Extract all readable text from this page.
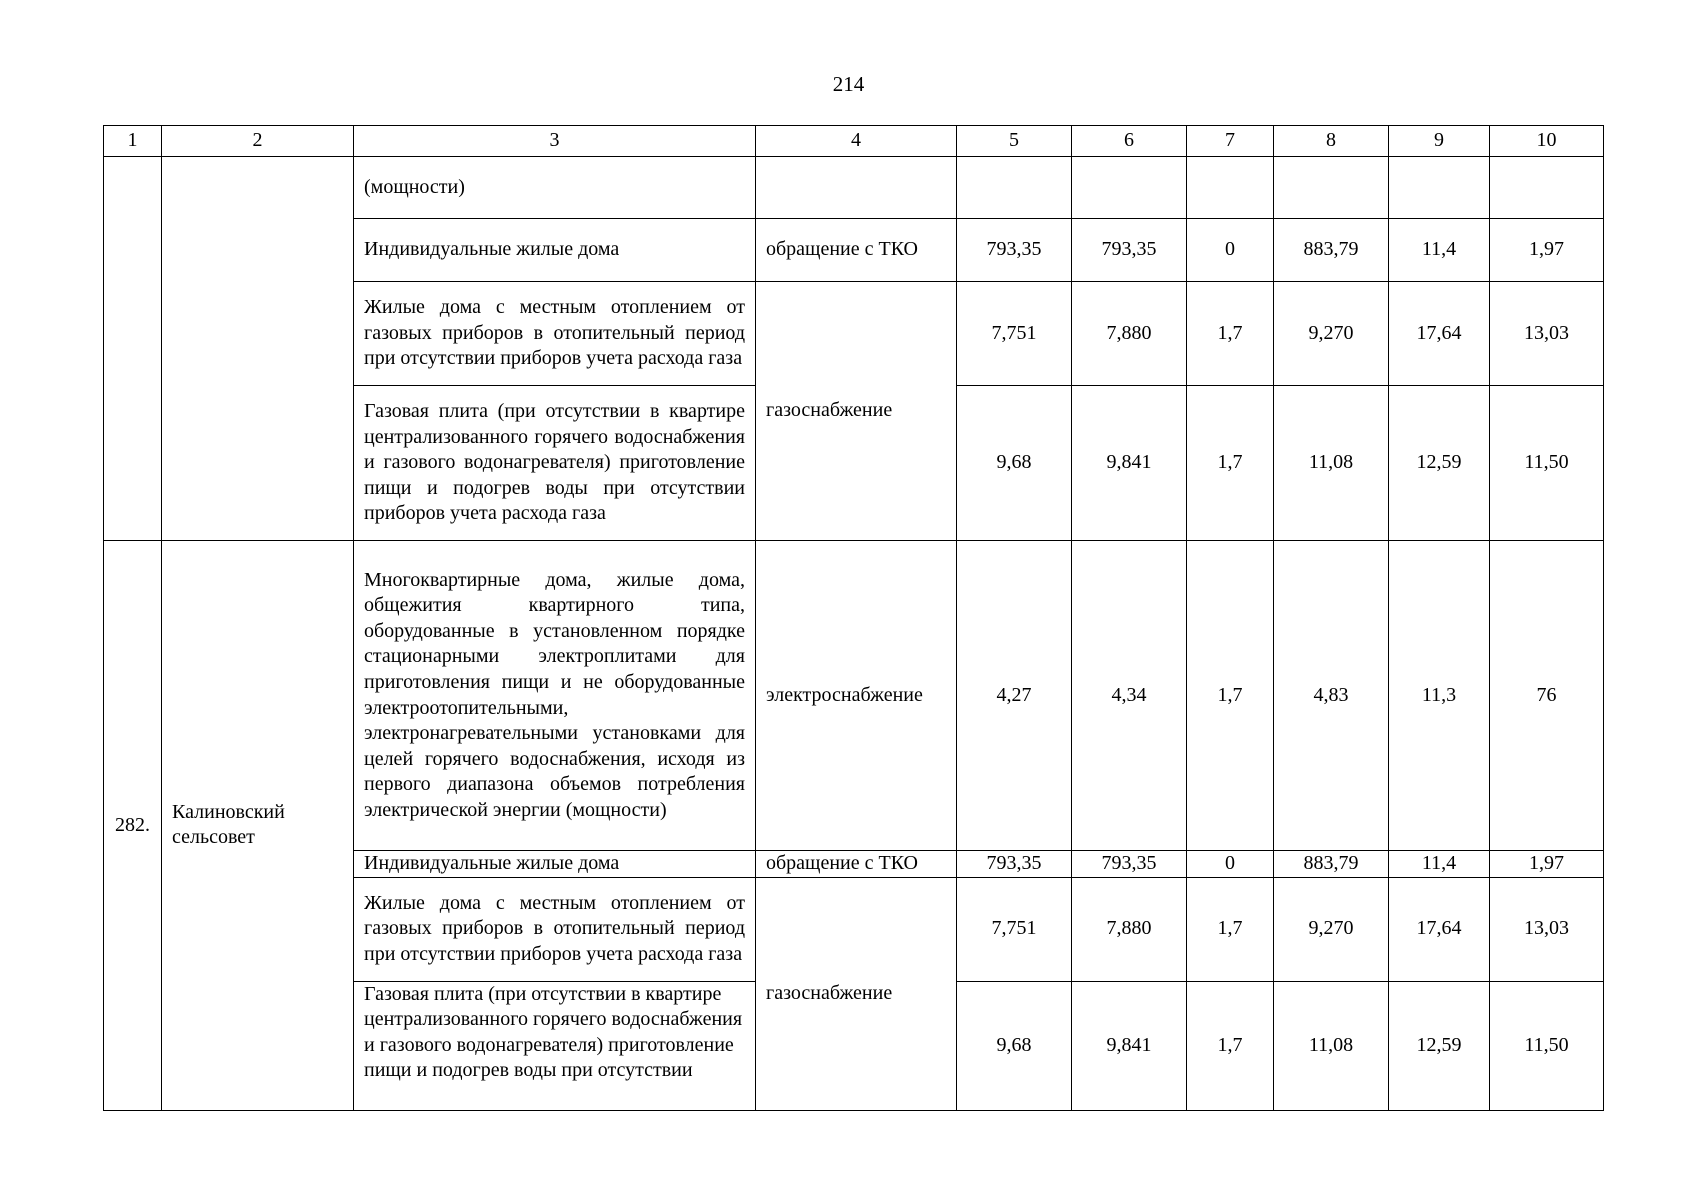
214
1	2	3	4	5	6	7	8	9	10
		(мощности)							
		Индивидуальные жилые дома	обращение с ТКО	793,35	793,35	0	883,79	11,4	1,97
		Жилые дома с местным отоплением от газовых приборов в отопительный период при отсутствии приборов учета расхода газа	газоснабжение	7,751	7,880	1,7	9,270	17,64	13,03
		Газовая плита (при отсутствии в квартире централизованного горячего водоснабжения и газового водонагревателя) приготовление пищи и подогрев воды при отсутствии приборов учета расхода газа		9,68	9,841	1,7	11,08	12,59	11,50
282.	Калиновский сельсовет	Многоквартирные дома, жилые дома, общежития квартирного типа, оборудованные в установленном порядке стационарными электроплитами для приготовления пищи и не оборудованные электроотопительными, электронагревательными установками для целей горячего водоснабжения, исходя из первого диапазона объемов потребления электрической энергии (мощности)	электроснабжение	4,27	4,34	1,7	4,83	11,3	76
		Индивидуальные жилые дома	обращение с ТКО	793,35	793,35	0	883,79	11,4	1,97
		Жилые дома с местным отоплением от газовых приборов в отопительный период при отсутствии приборов учета расхода газа	газоснабжение	7,751	7,880	1,7	9,270	17,64	13,03

		Газовая плита (при отсутствии в квартире централизованного горячего водоснабжения и газового водонагревателя) приготовление пищи и подогрев воды при отсутствии		9,68	9,841	1,7	11,08	12,59	11,50
